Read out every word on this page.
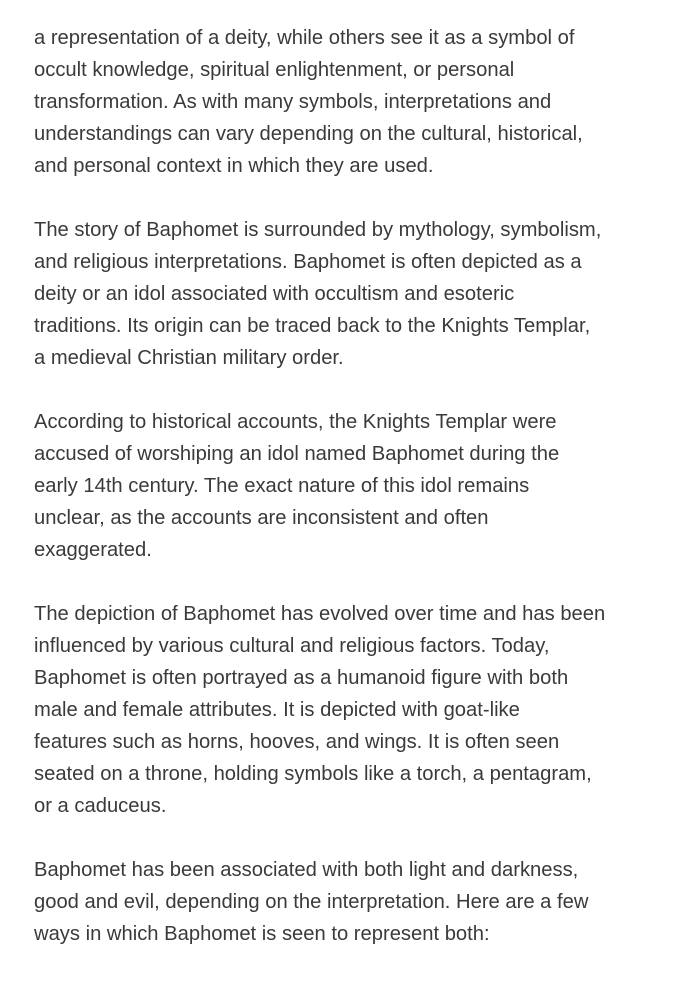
a representation of a deity, while others see it as a symbol of
occult knowledge, spiritual enlightenment, or personal
transformation. As with many symbols, interpretations and
understandings can vary depending on the cultural, historical,
and personal context in which they are used.

The story of Baphomet is surrounded by mythology, symbolism,
and religious interpretations. Baphomet is often depicted as a
deity or an idol associated with occultism and esoteric
traditions. Its origin can be traced back to the Knights Templar,
a medieval Christian military order.

According to historical accounts, the Knights Templar were
accused of worshiping an idol named Baphomet during the
early 14th century. The exact nature of this idol remains
unclear, as the accounts are inconsistent and often
exaggerated.

The depiction of Baphomet has evolved over time and has been
influenced by various cultural and religious factors. Today,
Baphomet is often portrayed as a humanoid figure with both
male and female attributes. It is depicted with goat-like
features such as horns, hooves, and wings. It is often seen
seated on a throne, holding symbols like a torch, a pentagram,
or a caduceus.

Baphomet has been associated with both light and darkness,
good and evil, depending on the interpretation. Here are a few
ways in which Baphomet is seen to represent both:
